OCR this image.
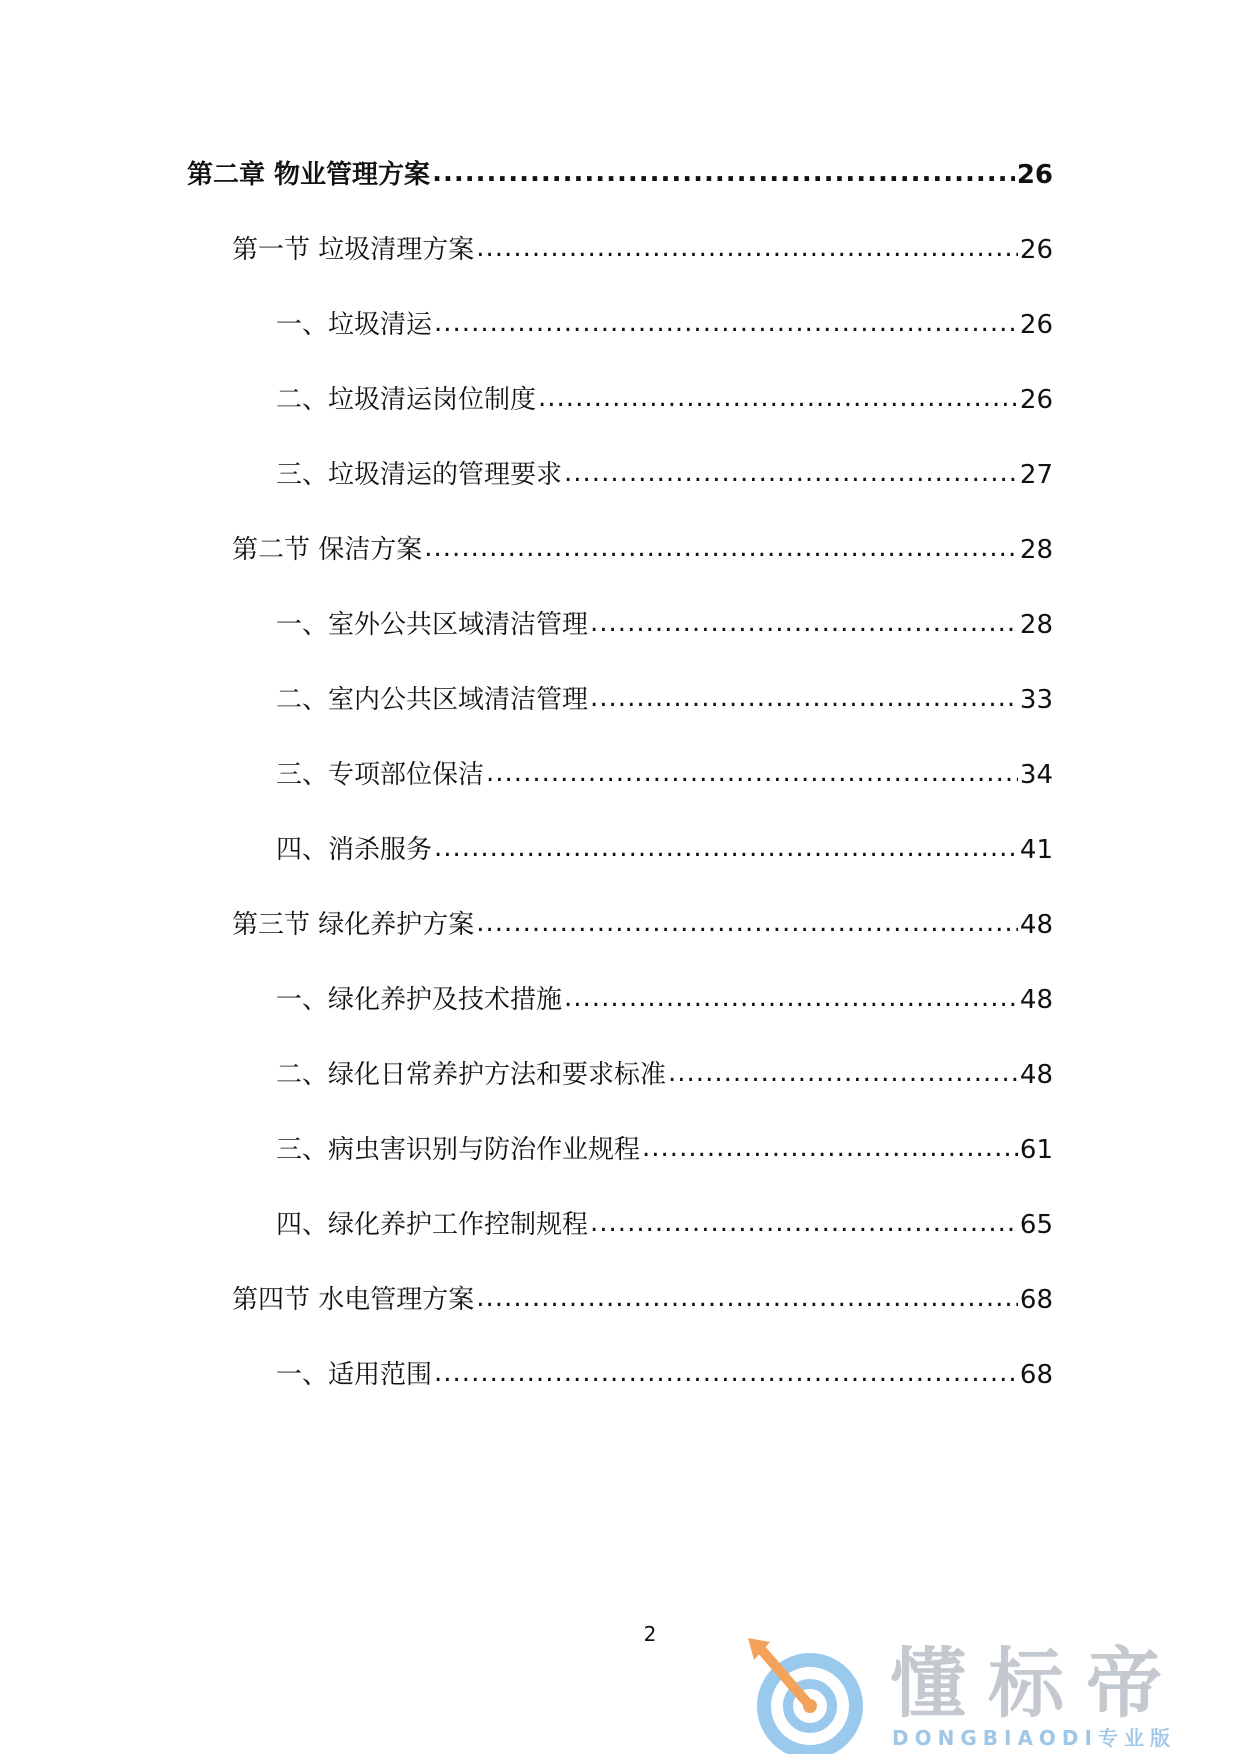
第二章 物业管理方案 .....	26
第一节 垃圾清理方案 .....	26
一、垃圾清运 .....	26
二、垃圾清运岗位制度 .....	26
三、垃圾清运的管理要求 .....	27
第二节 保洁方案 .....	28
一、室外公共区域清洁管理 .....	28
二、室内公共区域清洁管理 .....	33
三、专项部位保洁 .....	34
四、消杀服务 .....	41
第三节 绿化养护方案 .....	48
一、绿化养护及技术措施 .....	48
二、绿化日常养护方法和要求标准 .....	48
三、病虫害识别与防治作业规程 .....	61
四、绿化养护工作控制规程 .....	65
第四节 水电管理方案 .....	68
一、适用范围 .....	68
2
懂标帝
DONGBIAODI专业版
